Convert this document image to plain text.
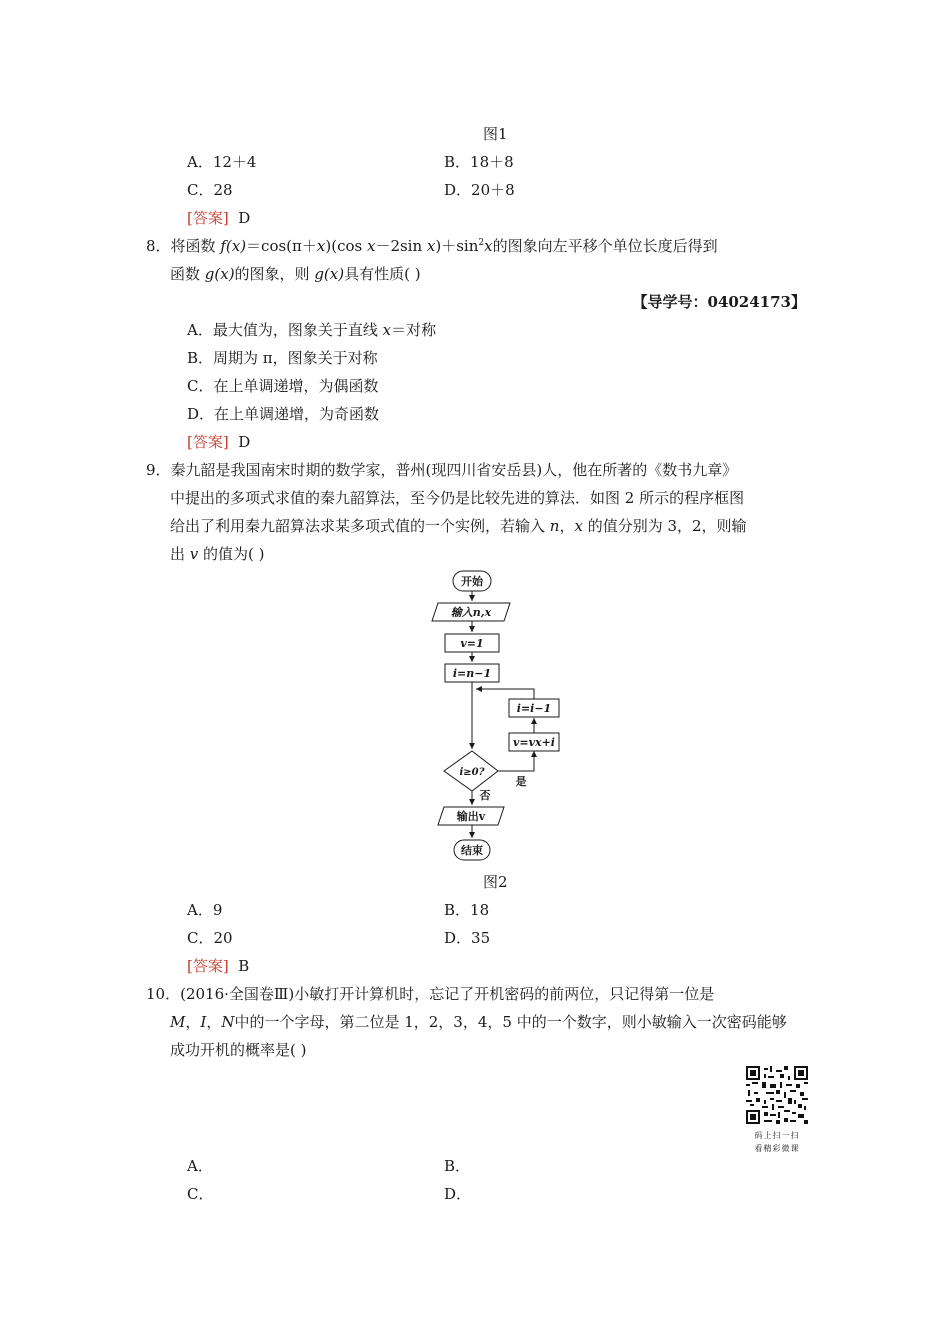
图1
A．12＋4	B．18＋8
C．28	D．20＋8
[答案] D
8．将函数 f(x)＝cos(π＋x)(cos x－2sin $x)+\sin^2x$的图象向左平移个单位长度后得到
函数 g(x)的图象，则 g(x)具有性质( )
【导学号：04024173】
A．最大值为，图象关于直线 x＝对称
B．周期为 π，图象关于对称
C．在上单调递增，为偶函数
D．在上单调递增，为奇函数
[答案] D
9．秦九韶是我国南宋时期的数学家，普州(现四川省安岳县)人，他在所著的《数书九章》
中提出的多项式求值的秦九韶算法，至今仍是比较先进的算法．如图 2 所示的程序框图
给出了利用秦九韶算法求某多项式值的一个实例，若输入 n，x 的值分别为 3，2，则输
出 v 的值为( )
开始
输入n,x
v=1
i=n−1
i=i−1
v=vx+i
i≥0?
是
否
输出v
结束
图2
A．9	B．18
C．20	D．35
[答案] B
10．(2016·全国卷Ⅲ)小敏打开计算机时，忘记了开机密码的前两位，只记得第一位是
M，I，N中的一个字母，第二位是 1，2，3，4，5 中的一个数字，则小敏输入一次密码能够
成功开机的概率是( )
码上扫一扫
看精彩微课
A．	B．
C．	D．
